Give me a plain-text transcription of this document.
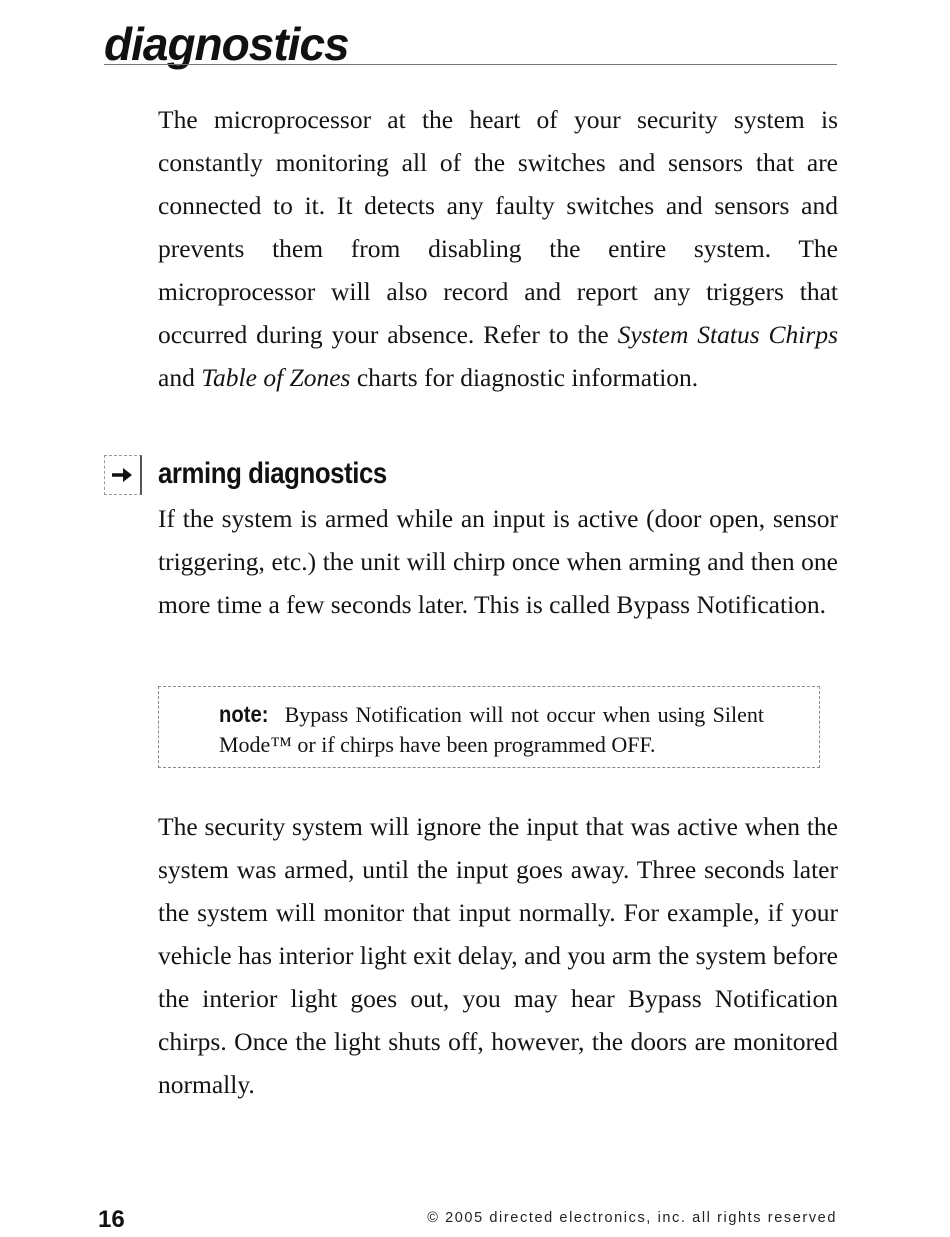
diagnostics

The microprocessor at the heart of your security system is constantly monitoring all of the switches and sensors that are connected to it. It detects any faulty switches and sensors and prevents them from disabling the entire system. The microprocessor will also record and report any triggers that occurred during your absence. Refer to the System Status Chirps and Table of Zones charts for diagnostic information.

arming diagnostics

If the system is armed while an input is active (door open, sensor triggering, etc.) the unit will chirp once when arming and then one more time a few seconds later. This is called Bypass Notification.

note: Bypass Notification will not occur when using Silent Mode™ or if chirps have been programmed OFF.

The security system will ignore the input that was active when the system was armed, until the input goes away. Three seconds later the system will monitor that input normally. For example, if your vehicle has interior light exit delay, and you arm the system before the interior light goes out, you may hear Bypass Notification chirps. Once the light shuts off, however, the doors are monitored normally.

16	© 2005 directed electronics, inc. all rights reserved
